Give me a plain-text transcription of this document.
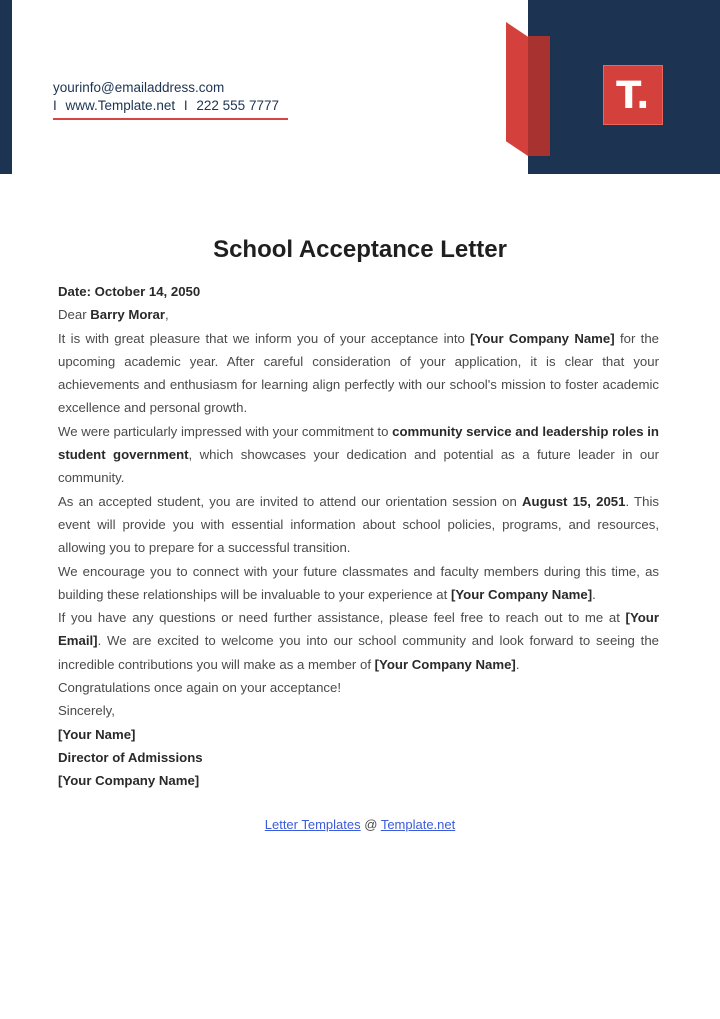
yourinfo@emailaddress.com
I www.Template.net I 222 555 7777	T.
School Acceptance Letter

Date: October 14, 2050

Dear Barry Morar,

It is with great pleasure that we inform you of your acceptance into [Your Company Name] for the upcoming academic year. After careful consideration of your application, it is clear that your achievements and enthusiasm for learning align perfectly with our school's mission to foster academic excellence and personal growth.

We were particularly impressed with your commitment to community service and leadership roles in student government, which showcases your dedication and potential as a future leader in our community.

As an accepted student, you are invited to attend our orientation session on August 15, 2051. This event will provide you with essential information about school policies, programs, and resources, allowing you to prepare for a successful transition.

We encourage you to connect with your future classmates and faculty members during this time, as building these relationships will be invaluable to your experience at [Your Company Name].

If you have any questions or need further assistance, please feel free to reach out to me at [Your Email]. We are excited to welcome you into our school community and look forward to seeing the incredible contributions you will make as a member of [Your Company Name].

Congratulations once again on your acceptance!

Sincerely,

[Your Name]

Director of Admissions

[Your Company Name]

Letter Templates @ Template.net
